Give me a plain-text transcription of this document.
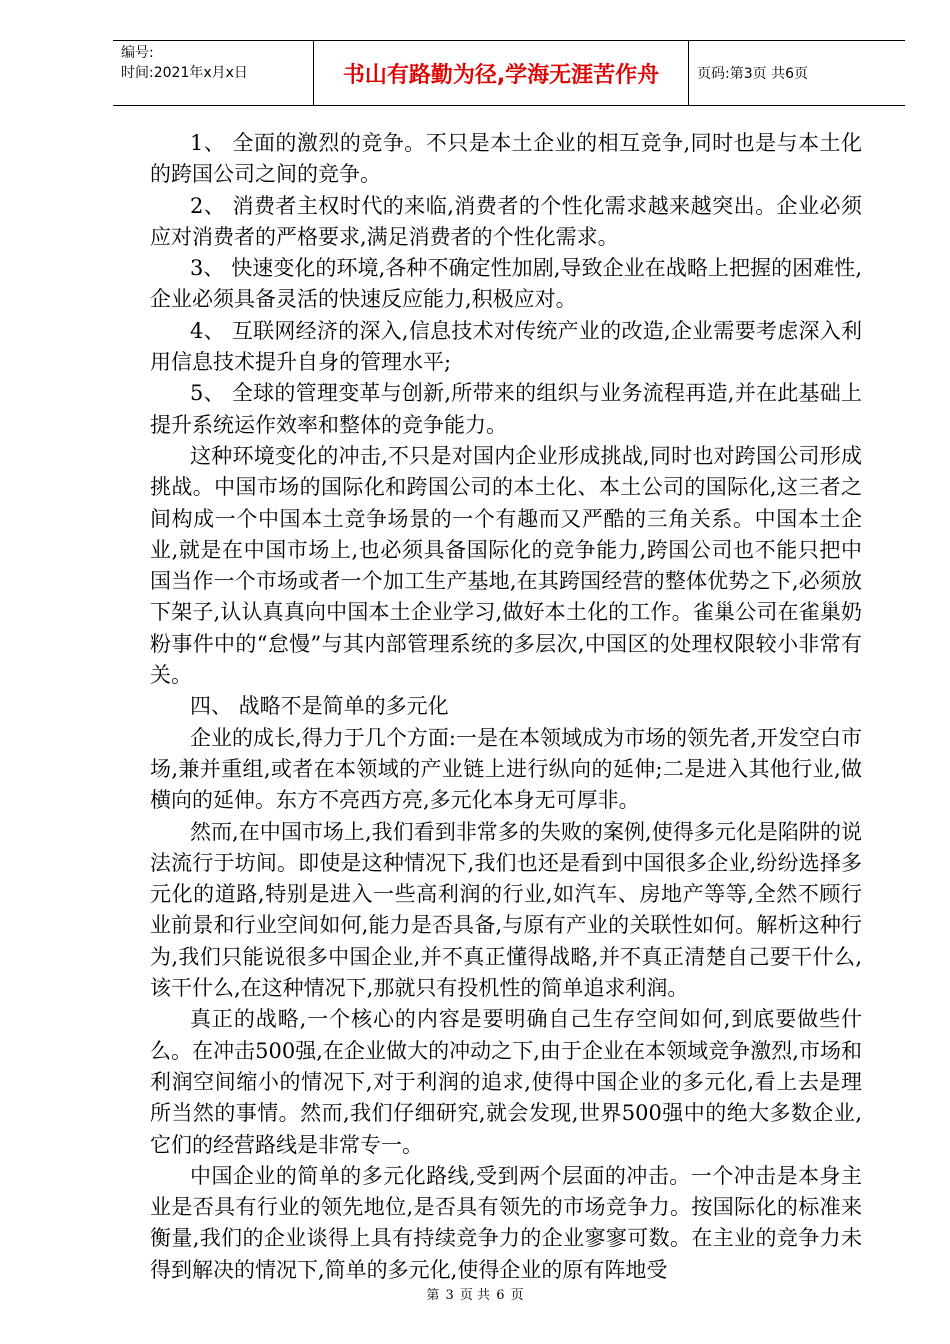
编号:
时间:2021年x月x日	书山有路勤为径,学海无涯苦作舟	页码:第3页 共6页

1、 全面的激烈的竞争。不只是本土企业的相互竞争,同时也是与本土化的跨国公司之间的竞争。

2、 消费者主权时代的来临,消费者的个性化需求越来越突出。企业必须应对消费者的严格要求,满足消费者的个性化需求。

3、 快速变化的环境,各种不确定性加剧,导致企业在战略上把握的困难性,企业必须具备灵活的快速反应能力,积极应对。

4、 互联网经济的深入,信息技术对传统产业的改造,企业需要考虑深入利用信息技术提升自身的管理水平;

5、 全球的管理变革与创新,所带来的组织与业务流程再造,并在此基础上提升系统运作效率和整体的竞争能力。

这种环境变化的冲击,不只是对国内企业形成挑战,同时也对跨国公司形成挑战。中国市场的国际化和跨国公司的本土化、本土公司的国际化,这三者之间构成一个中国本土竞争场景的一个有趣而又严酷的三角关系。中国本土企业,就是在中国市场上,也必须具备国际化的竞争能力,跨国公司也不能只把中国当作一个市场或者一个加工生产基地,在其跨国经营的整体优势之下,必须放下架子,认认真真向中国本土企业学习,做好本土化的工作。雀巢公司在雀巢奶粉事件中的“怠慢”与其内部管理系统的多层次,中国区的处理权限较小非常有关。

四、 战略不是简单的多元化

企业的成长,得力于几个方面:一是在本领域成为市场的领先者,开发空白市场,兼并重组,或者在本领域的产业链上进行纵向的延伸;二是进入其他行业,做横向的延伸。东方不亮西方亮,多元化本身无可厚非。

然而,在中国市场上,我们看到非常多的失败的案例,使得多元化是陷阱的说法流行于坊间。即使是这种情况下,我们也还是看到中国很多企业,纷纷选择多元化的道路,特别是进入一些高利润的行业,如汽车、房地产等等,全然不顾行业前景和行业空间如何,能力是否具备,与原有产业的关联性如何。解析这种行为,我们只能说很多中国企业,并不真正懂得战略,并不真正清楚自己要干什么,该干什么,在这种情况下,那就只有投机性的简单追求利润。

真正的战略,一个核心的内容是要明确自己生存空间如何,到底要做些什么。在冲击500强,在企业做大的冲动之下,由于企业在本领域竞争激烈,市场和利润空间缩小的情况下,对于利润的追求,使得中国企业的多元化,看上去是理所当然的事情。然而,我们仔细研究,就会发现,世界500强中的绝大多数企业,它们的经营路线是非常专一。

中国企业的简单的多元化路线,受到两个层面的冲击。一个冲击是本身主业是否具有行业的领先地位,是否具有领先的市场竞争力。按国际化的标准来衡量,我们的企业谈得上具有持续竞争力的企业寥寥可数。在主业的竞争力未得到解决的情况下,简单的多元化,使得企业的原有阵地受

第 3 页 共 6 页
